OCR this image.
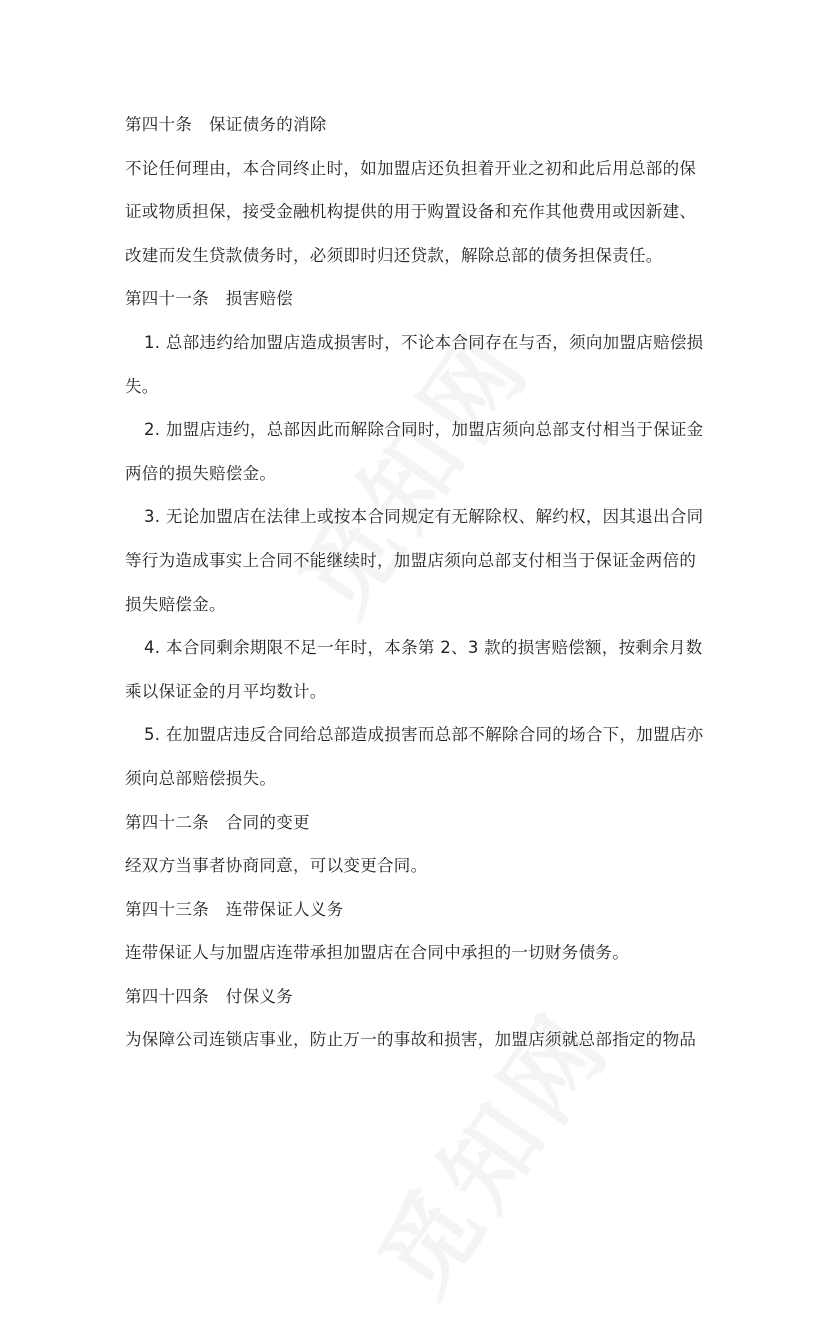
第四十条　保证债务的消除
不论任何理由，本合同终止时，如加盟店还负担着开业之初和此后用总部的保
证或物质担保，接受金融机构提供的用于购置设备和充作其他费用或因新建、
改建而发生贷款债务时，必须即时归还贷款，解除总部的债务担保责任。
第四十一条　损害赔偿
1. 总部违约给加盟店造成损害时，不论本合同存在与否，须向加盟店赔偿损
失。
2. 加盟店违约，总部因此而解除合同时，加盟店须向总部支付相当于保证金
两倍的损失赔偿金。
3. 无论加盟店在法律上或按本合同规定有无解除权、解约权，因其退出合同
等行为造成事实上合同不能继续时，加盟店须向总部支付相当于保证金两倍的
损失赔偿金。
4. 本合同剩余期限不足一年时，本条第 2、3 款的损害赔偿额，按剩余月数
乘以保证金的月平均数计。
5. 在加盟店违反合同给总部造成损害而总部不解除合同的场合下，加盟店亦
须向总部赔偿损失。
第四十二条　合同的变更
经双方当事者协商同意，可以变更合同。
第四十三条　连带保证人义务
连带保证人与加盟店连带承担加盟店在合同中承担的一切财务债务。
第四十四条　付保义务
为保障公司连锁店事业，防止万一的事故和损害，加盟店须就总部指定的物品
